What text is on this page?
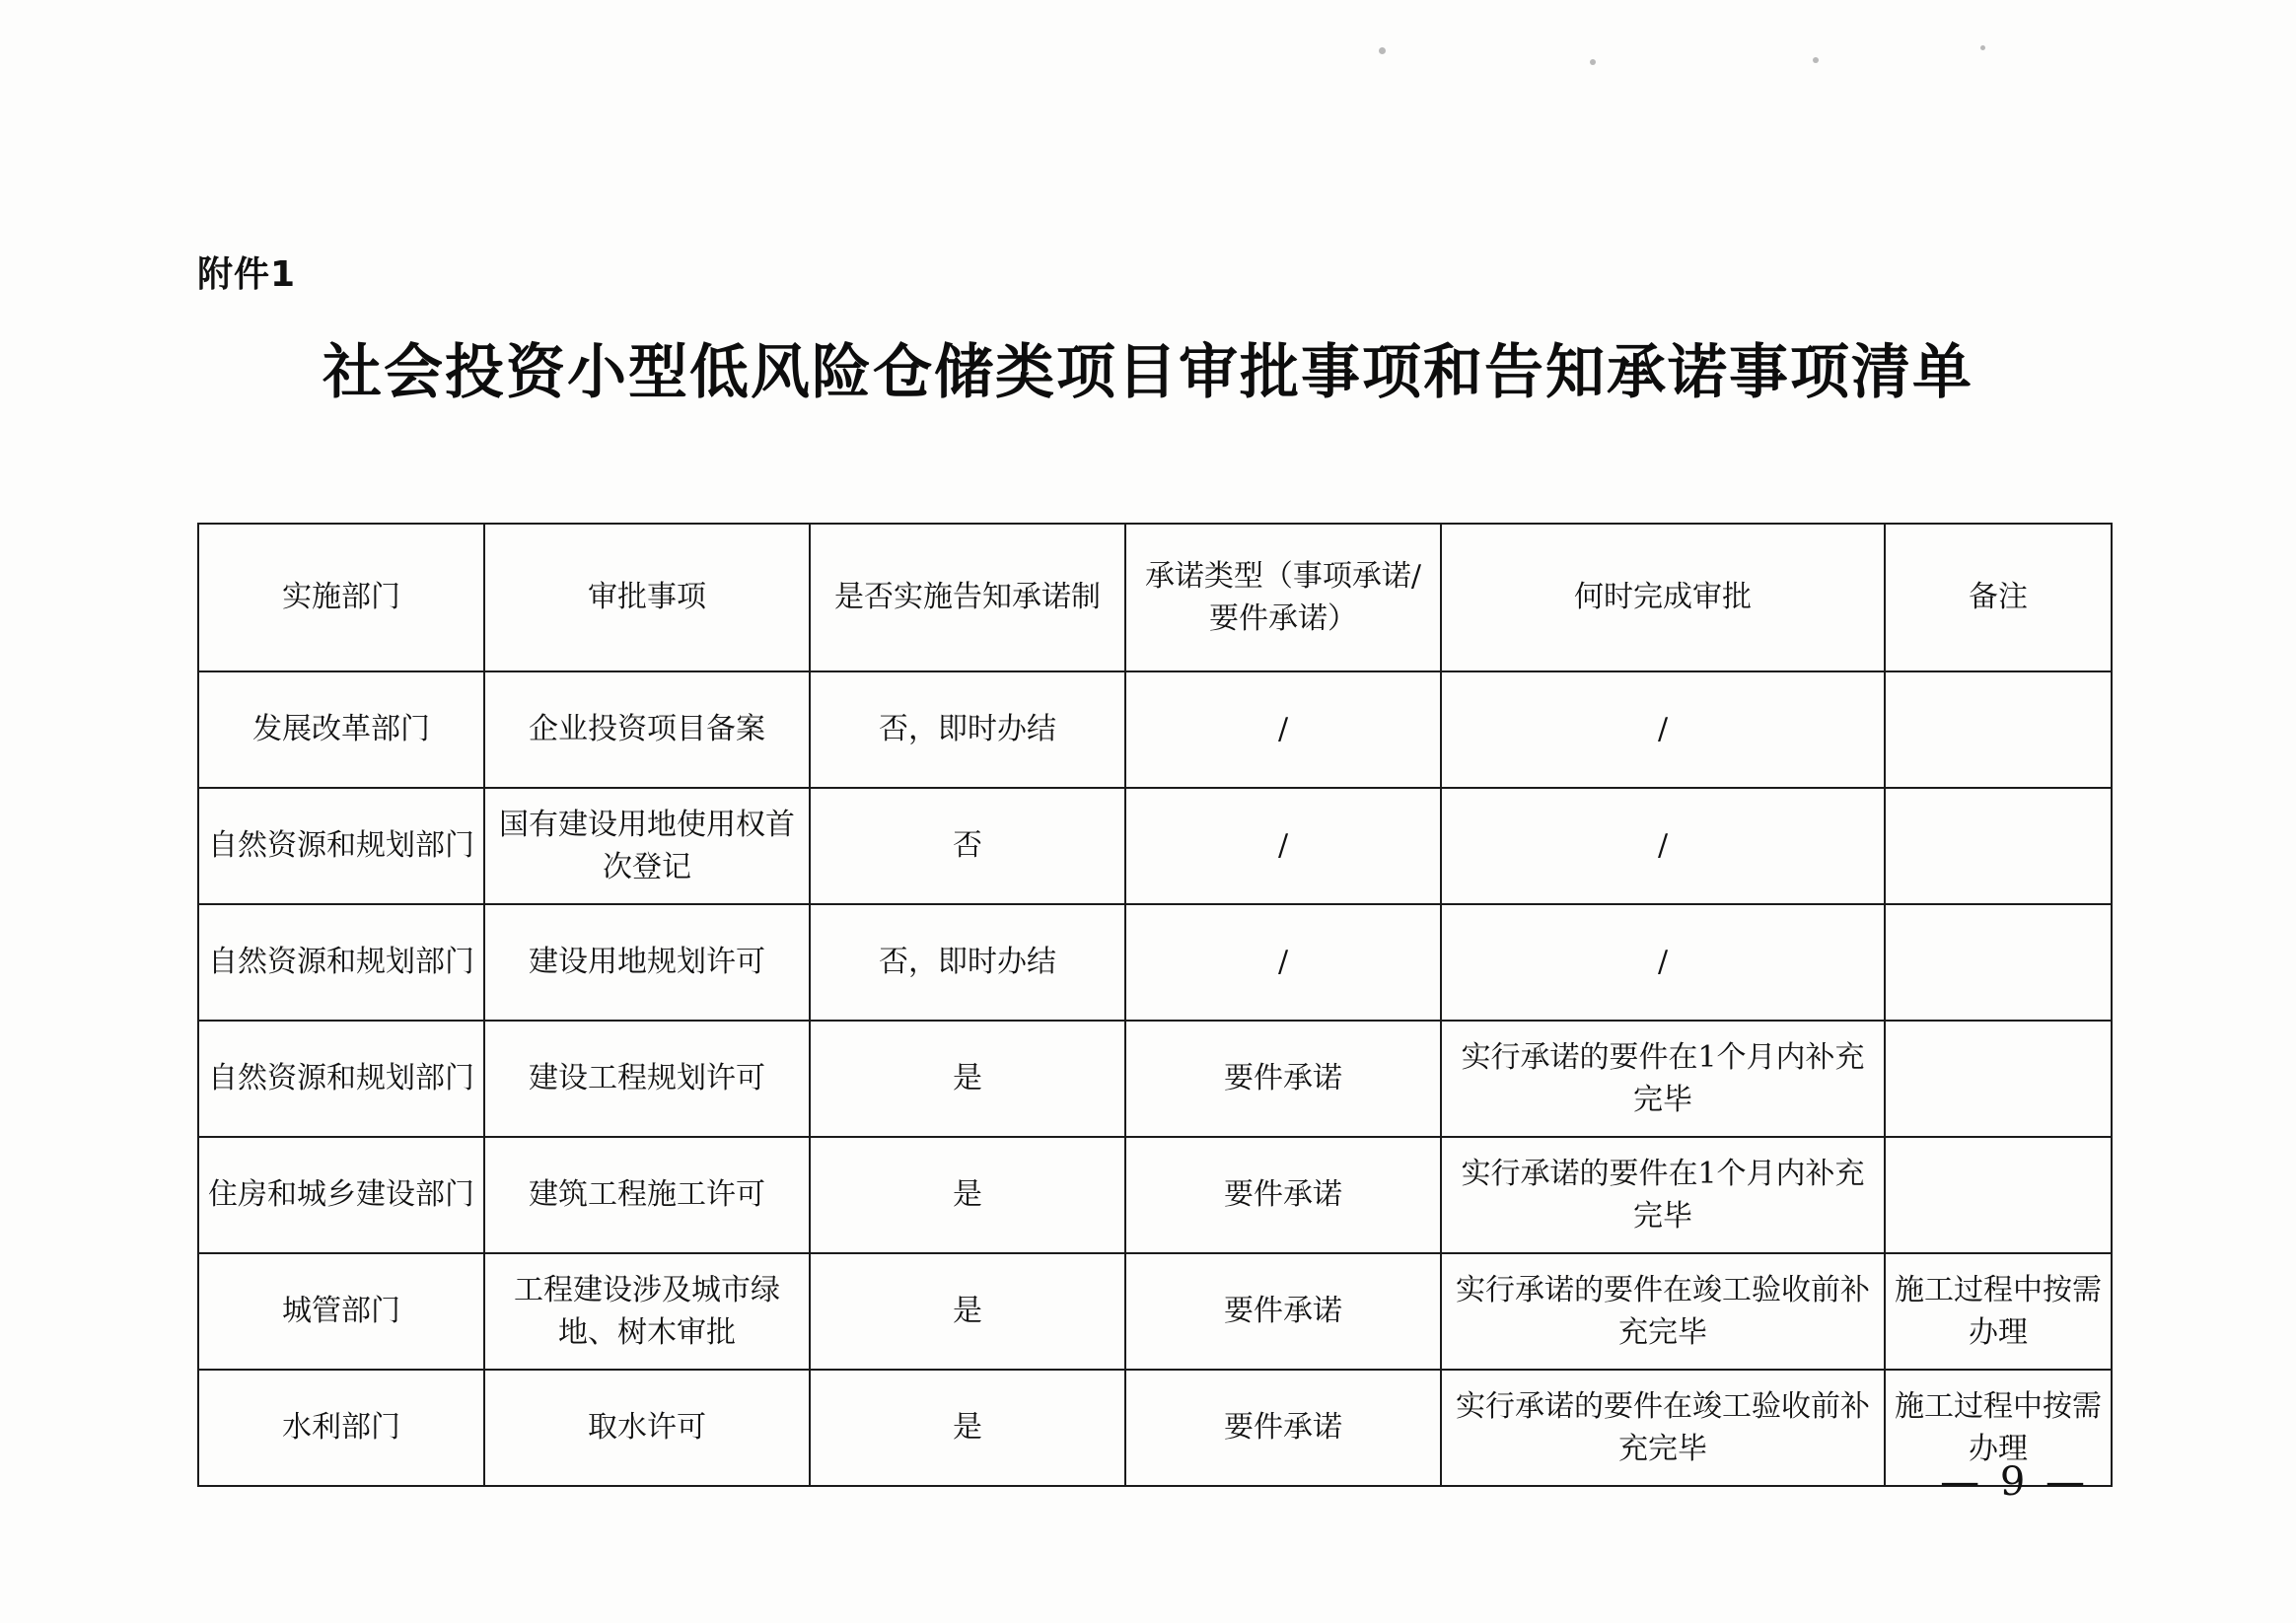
附件1
社会投资小型低风险仓储类项目审批事项和告知承诺事项清单
实施部门	审批事项	是否实施告知承诺制	承诺类型（事项承诺/要件承诺）	何时完成审批	备注
发展改革部门	企业投资项目备案	否，即时办结	/	/	
自然资源和规划部门	国有建设用地使用权首次登记	否	/	/	
自然资源和规划部门	建设用地规划许可	否，即时办结	/	/	
自然资源和规划部门	建设工程规划许可	是	要件承诺	实行承诺的要件在1个月内补充完毕	
住房和城乡建设部门	建筑工程施工许可	是	要件承诺	实行承诺的要件在1个月内补充完毕	
城管部门	工程建设涉及城市绿地、树木审批	是	要件承诺	实行承诺的要件在竣工验收前补充完毕	施工过程中按需办理
水利部门	取水许可	是	要件承诺	实行承诺的要件在竣工验收前补充完毕	施工过程中按需办理
— 9 —
